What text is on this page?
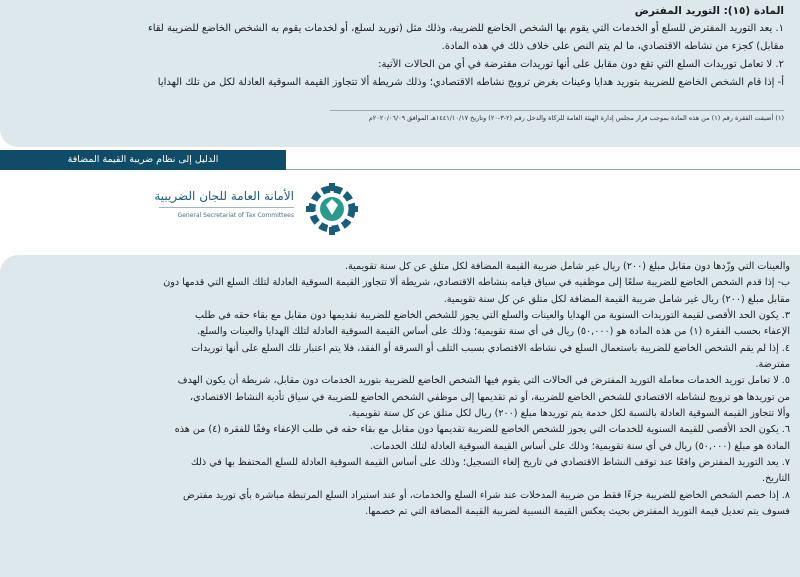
المادة (١٥): التوريد المفترض

١. يعد التوريد المفترض للسلع أو الخدمات التي يقوم بها الشخص الخاضع للضريبة، وذلك مثل (توريد لسلع، أو لخدمات يقوم به الشخص الخاضع للضريبة لقاء

مقابل) كجزء من نشاطه الاقتصادي، ما لم يتم النص على خلاف ذلك في هذه المادة.

٢. لا تعامل توريدات السلع التي تقع دون مقابل على أنها توريدات مفترضة في أي من الحالات الآتية:

أ- إذا قام الشخص الخاضع للضريبة بتوريد هدايا وعينات بغرض ترويج نشاطه الاقتصادي؛ وذلك شريطة ألا تتجاوز القيمة السوقية العادلة لكل من تلك الهدايا

(١) أضيفت الفقرة رقم (١) من هذه المادة بموجب قرار مجلس إدارة الهيئة العامة للزكاة والدخل رقم (٢-٣-٢٠) وتاريخ ١٤٤١/١٠/١٧هـ الموافق ٢٠٢٠/٠٦/٠٩م
الدليل إلى نظام ضريبة القيمة المضافة
الأمانة العامة للجان الضريبية
General Secretariat of Tax Committees

والعينات التي وزّدها دون مقابل مبلغ (٢٠٠) ريال غير شامل ضريبة القيمة المضافة لكل متلق عن كل سنة تقويمية.

ب- إذا قدم الشخص الخاضع للضريبة سلعًا إلى موظفيه في سياق قيامه بنشاطه الاقتصادي، شريطة ألا تتجاوز القيمة السوقية العادلة لتلك السلع التي قدمها دون

مقابل مبلغ (٢٠٠) ريال غير شامل ضريبة القيمة المضافة لكل متلق عن كل سنة تقويمية.

٣. يكون الحد الأقصى لقيمة التوريدات السنوية من الهدايا والعينات والسلع التي يجوز للشخص الخاضع للضريبة تقديمها دون مقابل مع بقاء حقه في طلب

الإعفاء بحسب الفقرة (١) من هذه المادة هو (٥٠,٠٠٠) ريال في أي سنة تقويمية؛ وذلك على أساس القيمة السوقية العادلة لتلك الهدايا والعينات والسلع.

٤. إذا لم يقم الشخص الخاضع للضريبة باستعمال السلع في نشاطه الاقتصادي بسبب التلف أو السرقة أو الفقد، فلا يتم اعتبار تلك السلع على أنها توريدات

مفترضة.

٥. لا تعامل توريد الخدمات معاملة التوريد المفترض في الحالات التي يقوم فيها الشخص الخاضع للضريبة بتوريد الخدمات دون مقابل، شريطة أن يكون الهدف

من توريدها هو ترويج لنشاطه الاقتصادي للشخص الخاضع للضريبة، أو تم تقديمها إلى موظفي الشخص الخاضع للضريبة في سياق تأدية النشاط الاقتصادي،

وألا تتجاوز القيمة السوقية العادلة بالنسبة لكل خدمة يتم توريدها مبلغ (٢٠٠) ريال لكل متلق عن كل سنة تقويمية.

٦. يكون الحد الأقصى للقيمة السنوية للخدمات التي يجوز للشخص الخاضع للضريبة تقديمها دون مقابل مع بقاء حقه في طلب الإعفاء وفقًا للفقرة (٤) من هذه

المادة هو مبلغ (٥٠,٠٠٠) ريال في أي سنة تقويمية؛ وذلك على أساس القيمة السوقية العادلة لتلك الخدمات.

٧. يعد التوريد المفترض واقعًا عند توقف النشاط الاقتصادي في تاريخ إلغاء التسجيل؛ وذلك على أساس القيمة السوقية العادلة للسلع المحتفظ بها في ذلك

التاريخ.

٨. إذا خصم الشخص الخاضع للضريبة جزءًا فقط من ضريبة المدخلات عند شراء السلع والخدمات، أو عند استيراد السلع المرتبطة مباشرة بأي توريد مفترض

فسوف يتم تعديل قيمة التوريد المفترض بحيث يعكس القيمة النسبية لضريبة القيمة المضافة التي تم خصمها.
